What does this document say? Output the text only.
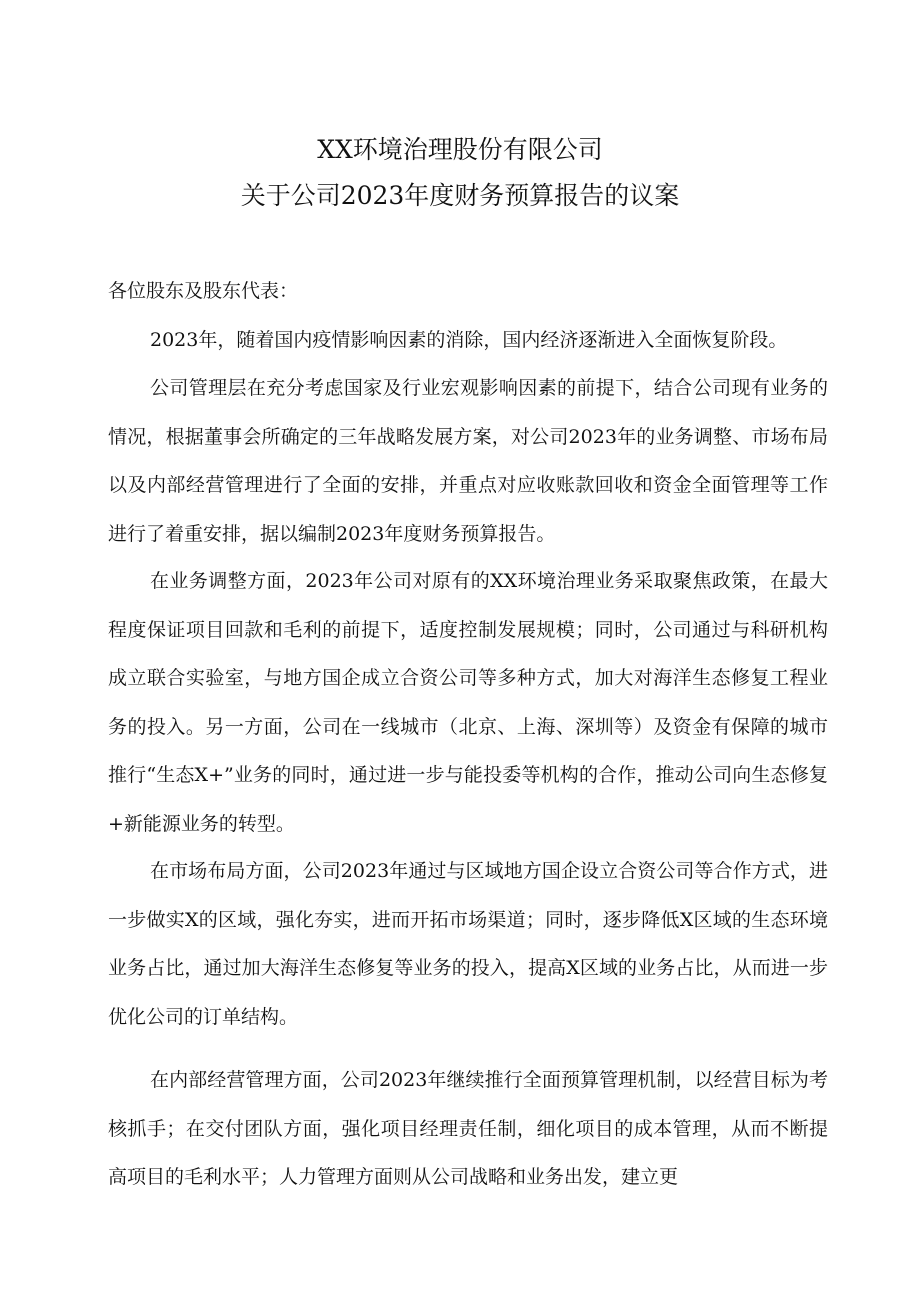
XX环境治理股份有限公司
关于公司2023年度财务预算报告的议案
各位股东及股东代表：

2023年，随着国内疫情影响因素的消除，国内经济逐渐进入全面恢复阶段。

公司管理层在充分考虑国家及行业宏观影响因素的前提下，结合公司现有业务的情况，根据董事会所确定的三年战略发展方案，对公司2023年的业务调整、市场布局以及内部经营管理进行了全面的安排，并重点对应收账款回收和资金全面管理等工作进行了着重安排，据以编制2023年度财务预算报告。

在业务调整方面，2023年公司对原有的XX环境治理业务采取聚焦政策，在最大程度保证项目回款和毛利的前提下，适度控制发展规模；同时，公司通过与科研机构成立联合实验室，与地方国企成立合资公司等多种方式，加大对海洋生态修复工程业务的投入。另一方面，公司在一线城市（北京、上海、深圳等）及资金有保障的城市推行“生态X+”业务的同时，通过进一步与能投委等机构的合作，推动公司向生态修复+新能源业务的转型。

在市场布局方面，公司2023年通过与区域地方国企设立合资公司等合作方式，进一步做实X的区域，强化夯实，进而开拓市场渠道；同时，逐步降低X区域的生态环境业务占比，通过加大海洋生态修复等业务的投入，提高X区域的业务占比，从而进一步优化公司的订单结构。

在内部经营管理方面，公司2023年继续推行全面预算管理机制，以经营目标为考核抓手；在交付团队方面，强化项目经理责任制，细化项目的成本管理，从而不断提高项目的毛利水平；人力管理方面则从公司战略和业务出发，建立更
